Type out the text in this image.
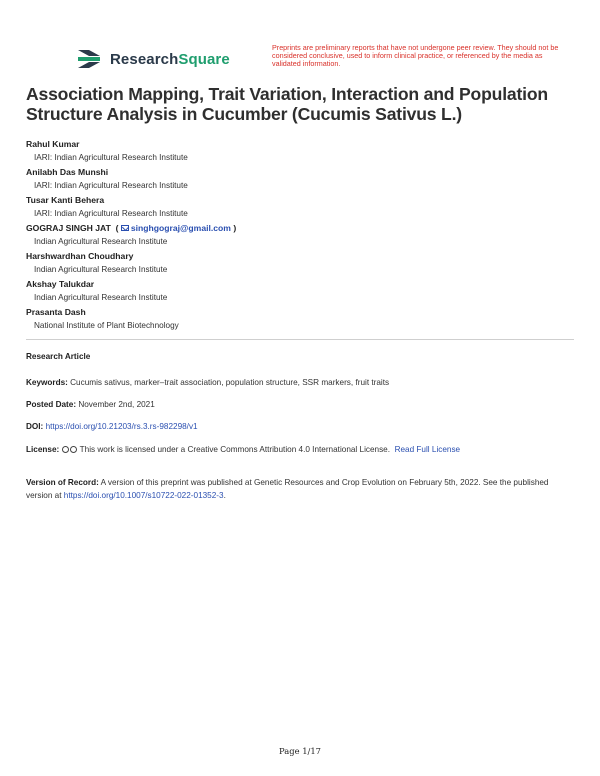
ResearchSquare
Preprints are preliminary reports that have not undergone peer review. They should not be considered conclusive, used to inform clinical practice, or referenced by the media as validated information.
Association Mapping, Trait Variation, Interaction and Population Structure Analysis in Cucumber (Cucumis Sativus L.)
Rahul Kumar
IARI: Indian Agricultural Research Institute
Anilabh Das Munshi
IARI: Indian Agricultural Research Institute
Tusar Kanti Behera
IARI: Indian Agricultural Research Institute
GOGRAJ SINGH JAT  ( singhgograj@gmail.com )
Indian Agricultural Research Institute
Harshwardhan Choudhary
Indian Agricultural Research Institute
Akshay Talukdar
Indian Agricultural Research Institute
Prasanta Dash
National Institute of Plant Biotechnology
Research Article
Keywords: Cucumis sativus, marker–trait association, population structure, SSR markers, fruit traits
Posted Date: November 2nd, 2021
DOI: https://doi.org/10.21203/rs.3.rs-982298/v1
License: This work is licensed under a Creative Commons Attribution 4.0 International License. Read Full License
Version of Record: A version of this preprint was published at Genetic Resources and Crop Evolution on February 5th, 2022. See the published version at https://doi.org/10.1007/s10722-022-01352-3.
Page 1/17
